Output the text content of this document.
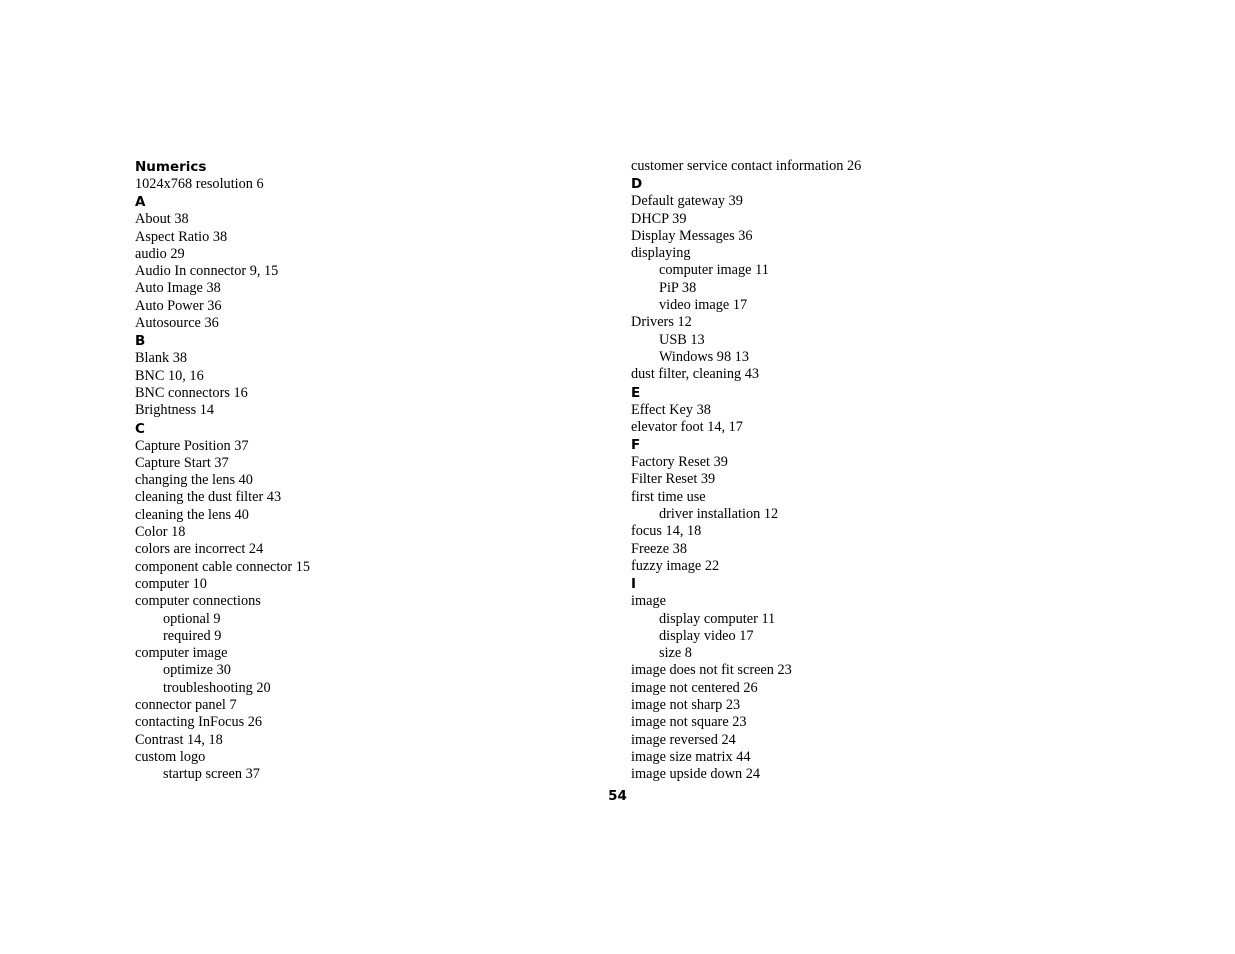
Numerics
1024x768 resolution 6
A
About 38
Aspect Ratio 38
audio 29
Audio In connector 9, 15
Auto Image 38
Auto Power 36
Autosource 36
B
Blank 38
BNC 10, 16
BNC connectors 16
Brightness 14
C
Capture Position 37
Capture Start 37
changing the lens 40
cleaning the dust filter 43
cleaning the lens 40
Color 18
colors are incorrect 24
component cable connector 15
computer 10
computer connections
optional 9
required 9
computer image
optimize 30
troubleshooting 20
connector panel 7
contacting InFocus 26
Contrast 14, 18
custom logo
startup screen 37
customer service contact information 26
D
Default gateway 39
DHCP 39
Display Messages 36
displaying
computer image 11
PiP 38
video image 17
Drivers 12
USB 13
Windows 98 13
dust filter, cleaning 43
E
Effect Key 38
elevator foot 14, 17
F
Factory Reset 39
Filter Reset 39
first time use
driver installation 12
focus 14, 18
Freeze 38
fuzzy image 22
I
image
display computer 11
display video 17
size 8
image does not fit screen 23
image not centered 26
image not sharp 23
image not square 23
image reversed 24
image size matrix 44
image upside down 24
54
